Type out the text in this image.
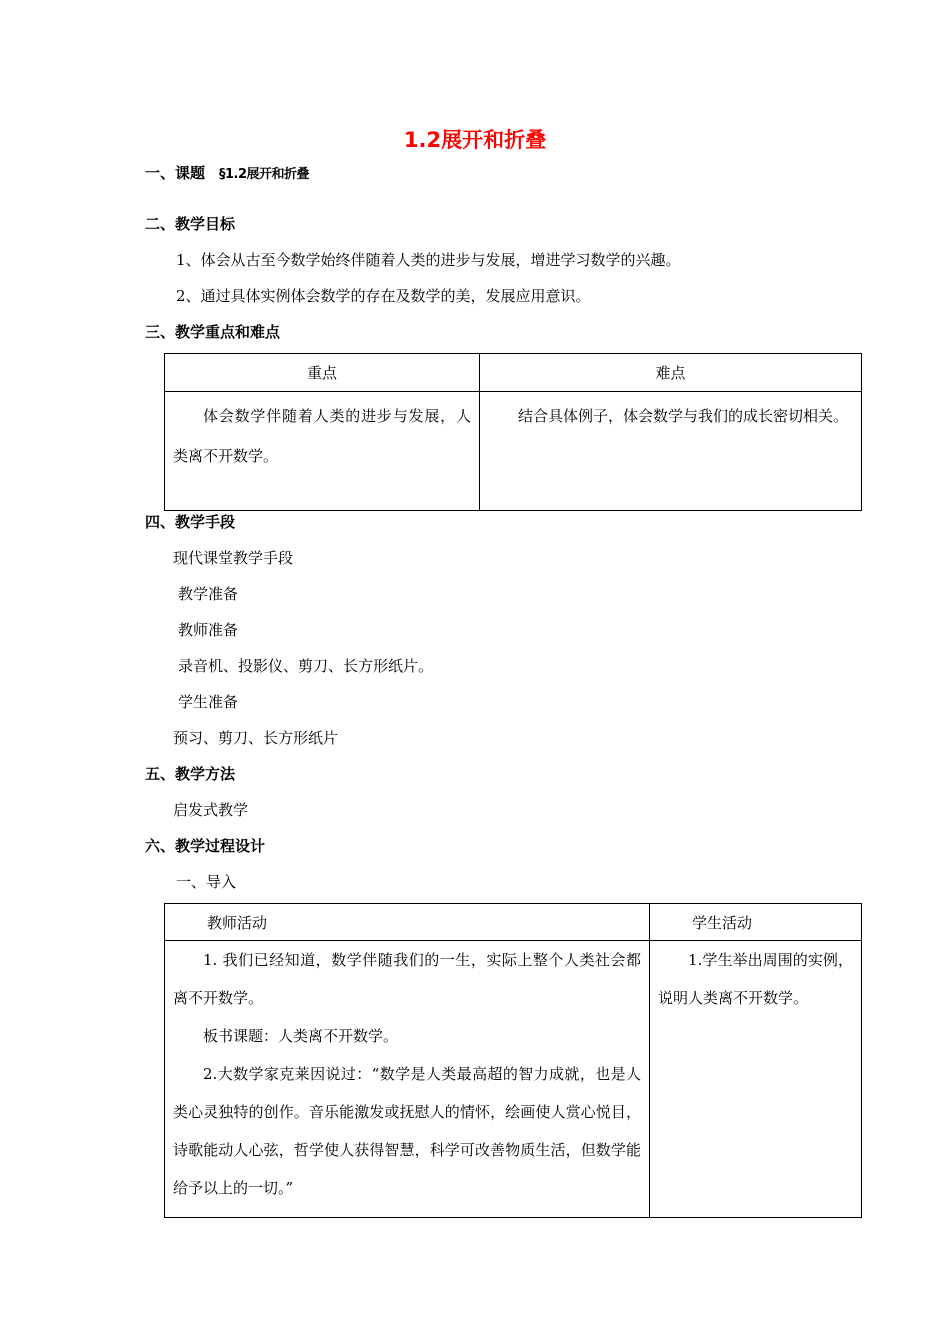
1.2展开和折叠
一、课题 §1.2展开和折叠
二、教学目标
1、体会从古至今数学始终伴随着人类的进步与发展，增进学习数学的兴趣。
2、通过具体实例体会数学的存在及数学的美，发展应用意识。
三、教学重点和难点
重点	难点

体会数学伴随着人类的进步与发展，人类离不开数学。	结合具体例子，体会数学与我们的成长密切相关。
四、教学手段
现代课堂教学手段
教学准备
教师准备
录音机、投影仪、剪刀、长方形纸片。
学生准备
预习、剪刀、长方形纸片
五、教学方法
启发式教学
六、教学过程设计
一、导入
教师活动	学生活动

1. 我们已经知道，数学伴随我们的一生，实际上整个人类社会都离不开数学。
板书课题：人类离不开数学。
2.大数学家克莱因说过：“数学是人类最高超的智力成就，也是人类心灵独特的创作。音乐能激发或抚慰人的情怀，绘画使人赏心悦目，诗歌能动人心弦，哲学使人获得智慧，科学可改善物质生活，但数学能给予以上的一切。”	1.学生举出周围的实例，说明人类离不开数学。
